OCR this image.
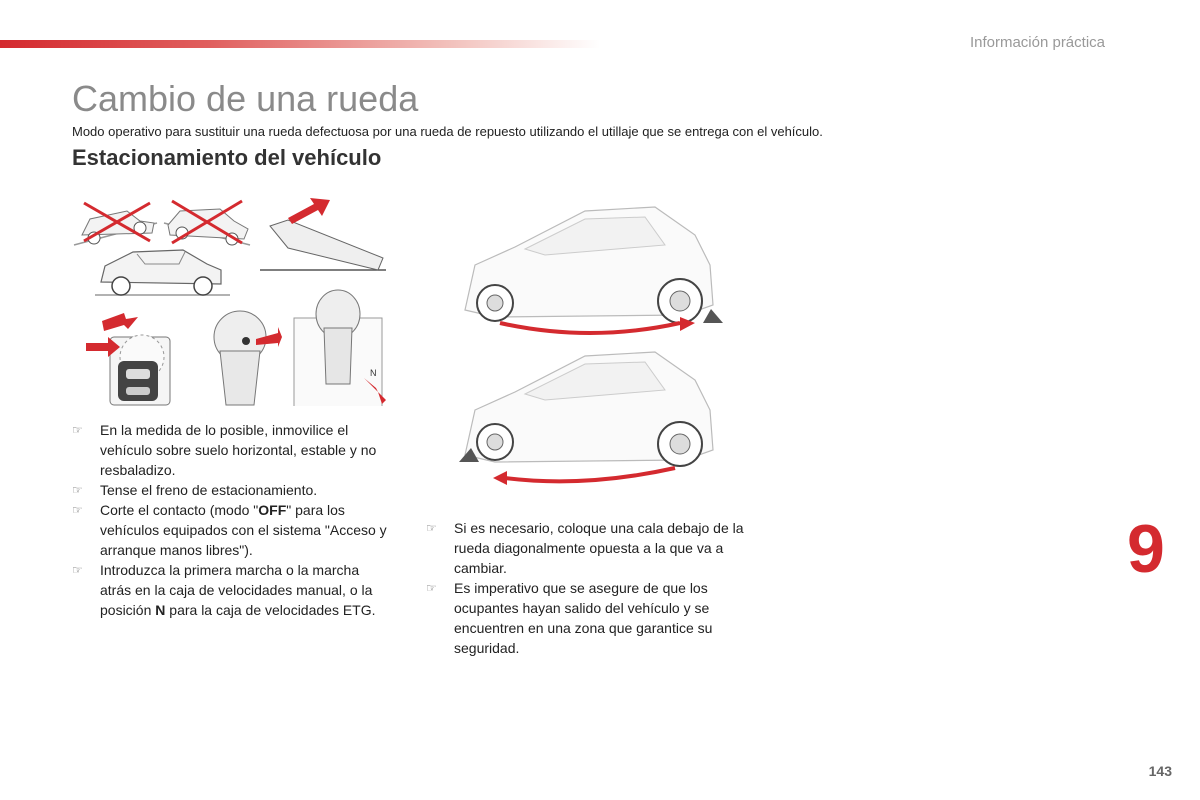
Información práctica
Cambio de una rueda
Modo operativo para sustituir una rueda defectuosa por una rueda de repuesto utilizando el utillaje que se entrega con el vehículo.
Estacionamiento del vehículo
N
☞ En la medida de lo posible, inmovilice el vehículo sobre suelo horizontal, estable y no resbaladizo.
☞ Tense el freno de estacionamiento.
☞ Corte el contacto (modo "OFF" para los vehículos equipados con el sistema "Acceso y arranque manos libres").
☞ Introduzca la primera marcha o la marcha atrás en la caja de velocidades manual, o la posición N para la caja de velocidades ETG.
☞ Si es necesario, coloque una cala debajo de la rueda diagonalmente opuesta a la que va a cambiar.
☞ Es imperativo que se asegure de que los ocupantes hayan salido del vehículo y se encuentren en una zona que garantice su seguridad.
9
143
